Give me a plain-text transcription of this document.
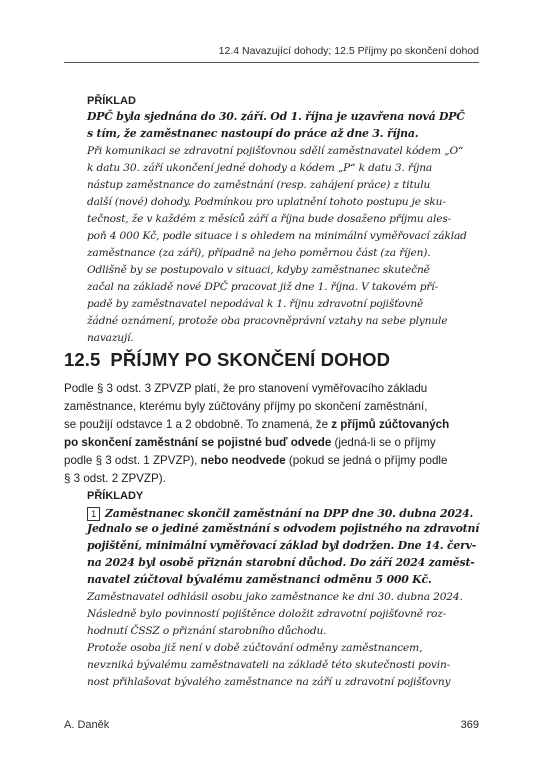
12.4 Navazující dohody; 12.5 Příjmy po skončení dohod
PŘÍKLAD
DPČ byla sjednána do 30. září. Od 1. října je uzavřena nová DPČ
s tím, že zaměstnanec nastoupí do práce až dne 3. října.
Při komunikaci se zdravotní pojišťovnou sdělí zaměstnavatel kódem „O“
k datu 30. září ukončení jedné dohody a kódem „P“ k datu 3. října
nástup zaměstnance do zaměstnání (resp. zahájení práce) z titulu
další (nové) dohody. Podmínkou pro uplatnění tohoto postupu je sku-
tečnost, že v každém z měsíců září a října bude dosaženo příjmu ales-
poň 4 000 Kč, podle situace i s ohledem na minimální vyměřovací základ
zaměstnance (za září), případně na jeho poměrnou část (za říjen).
Odlišně by se postupovalo v situaci, kdyby zaměstnanec skutečně
začal na základě nové DPČ pracovat již dne 1. října. V takovém pří-
padě by zaměstnavatel nepodával k 1. říjnu zdravotní pojišťovně
žádné oznámení, protože oba pracovněprávní vztahy na sebe plynule
navazují.
12.5 PŘÍJMY PO SKONČENÍ DOHOD
Podle § 3 odst. 3 ZPVZP platí, že pro stanovení vyměřovacího základu
zaměstnance, kterému byly zúčtovány příjmy po skončení zaměstnání,
se použijí odstavce 1 a 2 obdobně. To znamená, že z příjmů zúčtovaných
po skončení zaměstnání se pojistné buď odvede (jedná-li se o příjmy
podle § 3 odst. 1 ZPVZP), nebo neodvede (pokud se jedná o příjmy podle
§ 3 odst. 2 ZPVZP).
PŘÍKLADY
1 Zaměstnanec skončil zaměstnání na DPP dne 30. dubna 2024.
Jednalo se o jediné zaměstnání s odvodem pojistného na zdravotní
pojištění, minimální vyměřovací základ byl dodržen. Dne 14. červ-
na 2024 byl osobě přiznán starobní důchod. Do září 2024 zaměst-
navatel zúčtoval bývalému zaměstnanci odměnu 5 000 Kč.
Zaměstnavatel odhlásil osobu jako zaměstnance ke dni 30. dubna 2024.
Následně bylo povinností pojištěnce doložit zdravotní pojišťovně roz-
hodnutí ČSSZ o přiznání starobního důchodu.
Protože osoba již není v době zúčtování odměny zaměstnancem,
nevzniká bývalému zaměstnavateli na základě této skutečnosti povin-
nost přihlašovat bývalého zaměstnance na září u zdravotní pojišťovny
A. Daněk	369
